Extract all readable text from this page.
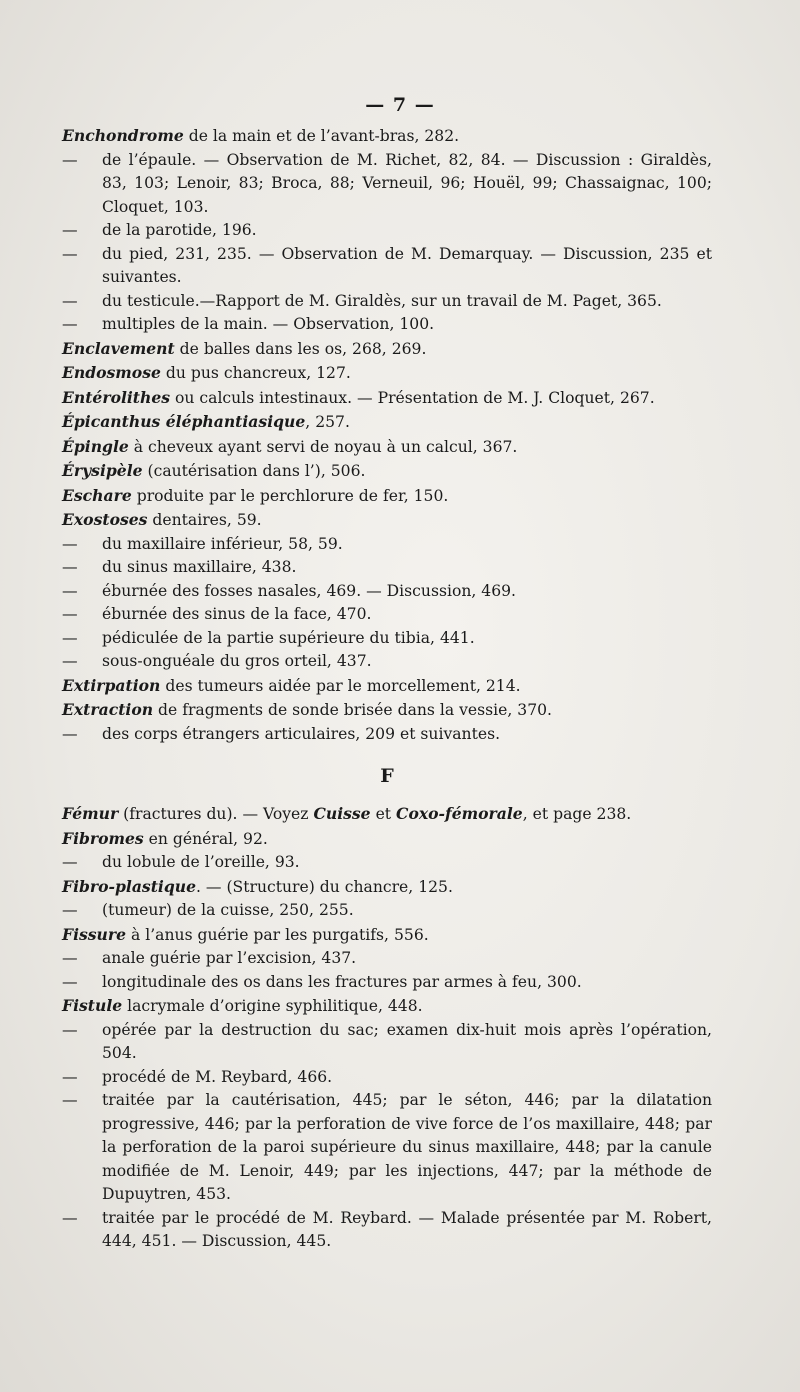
— 7 —

Enchondrome de la main et de l’avant-bras, 282.

— de l’épaule. — Observation de M. Richet, 82, 84. — Discussion : Giraldès, 83, 103; Lenoir, 83; Broca, 88; Verneuil, 96; Houël, 99; Chassaignac, 100; Cloquet, 103.

— de la parotide, 196.

— du pied, 231, 235. — Observation de M. Demarquay. — Discussion, 235 et suivantes.

— du testicule.—Rapport de M. Giraldès, sur un travail de M. Paget, 365.

— multiples de la main. — Observation, 100.

Enclavement de balles dans les os, 268, 269.

Endosmose du pus chancreux, 127.

Entérolithes ou calculs intestinaux. — Présentation de M. J. Cloquet, 267.

Épicanthus éléphantiasique, 257.

Épingle à cheveux ayant servi de noyau à un calcul, 367.

Érysipèle (cautérisation dans l’), 506.

Eschare produite par le perchlorure de fer, 150.

Exostoses dentaires, 59.

— du maxillaire inférieur, 58, 59.

— du sinus maxillaire, 438.

— éburnée des fosses nasales, 469. — Discussion, 469.

— éburnée des sinus de la face, 470.

— pédiculée de la partie supérieure du tibia, 441.

— sous-onguéale du gros orteil, 437.

Extirpation des tumeurs aidée par le morcellement, 214.

Extraction de fragments de sonde brisée dans la vessie, 370.

— des corps étrangers articulaires, 209 et suivantes.

F

Fémur (fractures du). — Voyez Cuisse et Coxo-fémorale, et page 238.

Fibromes en général, 92.

— du lobule de l’oreille, 93.

Fibro-plastique. — (Structure) du chancre, 125.

— (tumeur) de la cuisse, 250, 255.

Fissure à l’anus guérie par les purgatifs, 556.

— anale guérie par l’excision, 437.

— longitudinale des os dans les fractures par armes à feu, 300.

Fistule lacrymale d’origine syphilitique, 448.

— opérée par la destruction du sac; examen dix-huit mois après l’opération, 504.

— procédé de M. Reybard, 466.

— traitée par la cautérisation, 445; par le séton, 446; par la dilatation progressive, 446; par la perforation de vive force de l’os maxillaire, 448; par la perforation de la paroi supérieure du sinus maxillaire, 448; par la canule modifiée de M. Lenoir, 449; par les injections, 447; par la méthode de Dupuytren, 453.

— traitée par le procédé de M. Reybard. — Malade présentée par M. Robert, 444, 451. — Discussion, 445.
